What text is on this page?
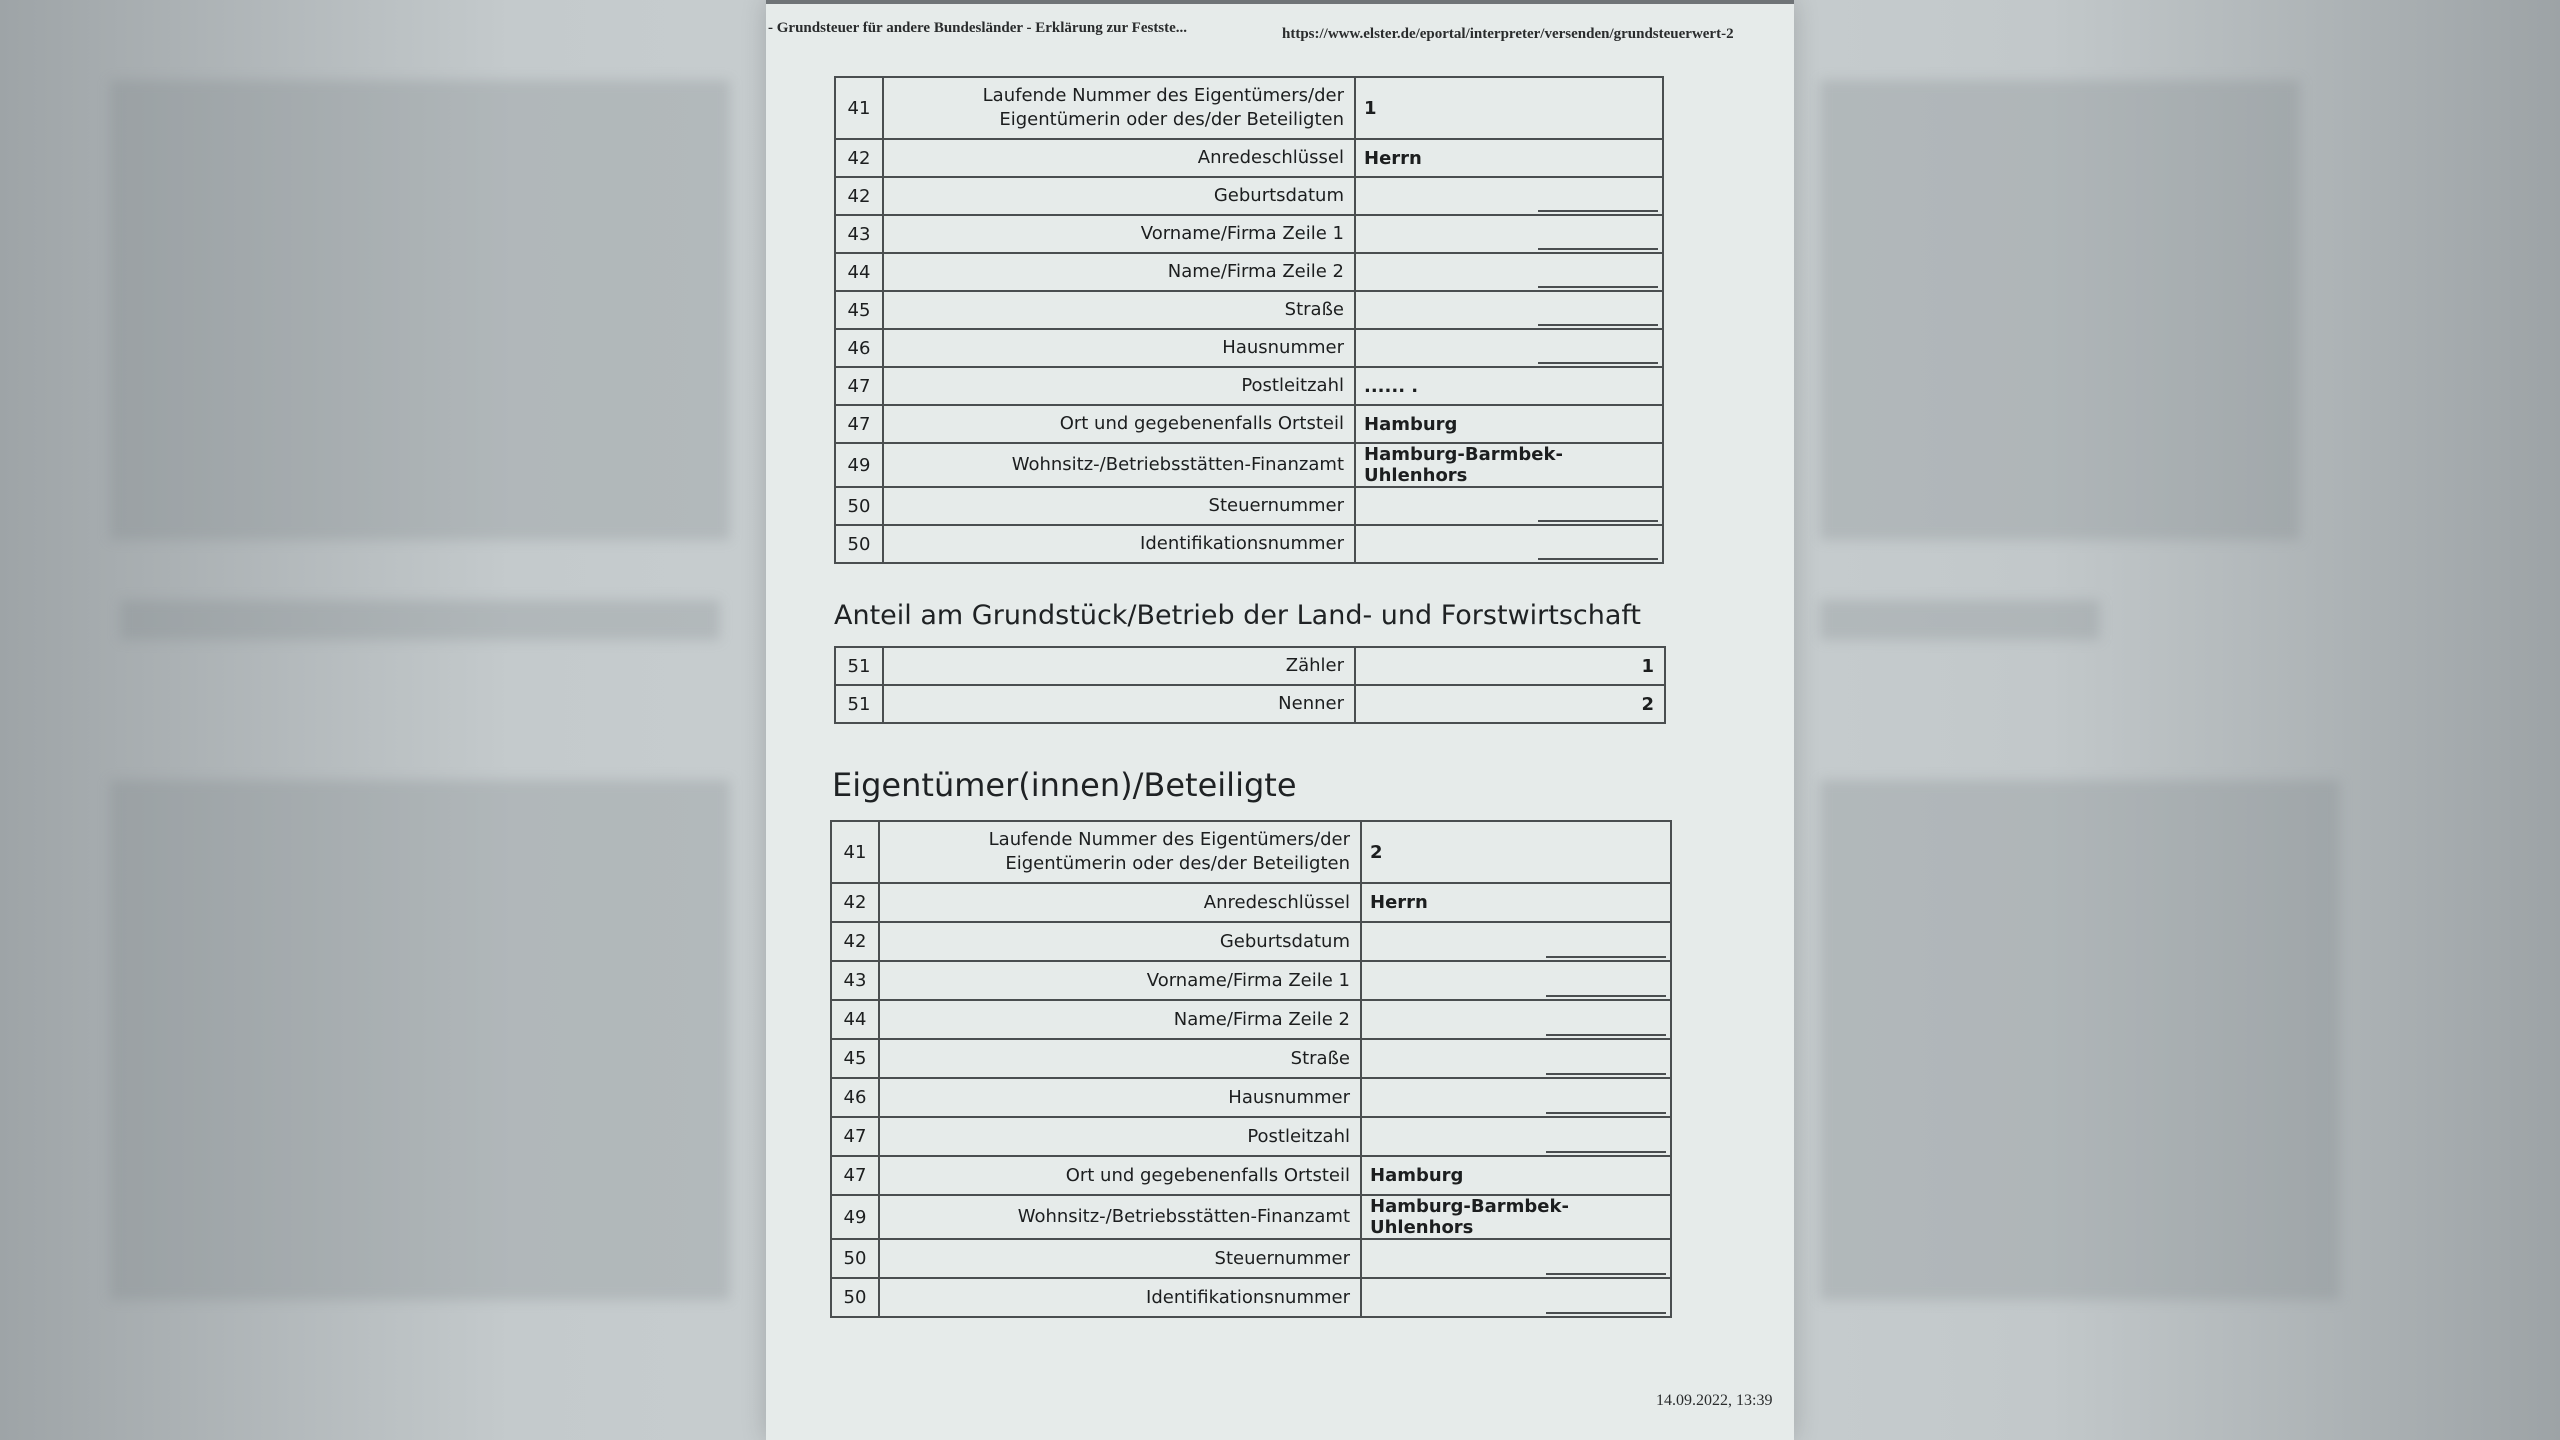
- Grundsteuer für andere Bundesländer - Erklärung zur Festste...	https://www.elster.de/eportal/interpreter/versenden/grundsteuerwert-2
41	Laufende Nummer des Eigentümers/der Eigentümerin oder des/der Beteiligten	1
42	Anredeschlüssel	Herrn
42	Geburtsdatum	

43	Vorname/Firma Zeile 1	

44	Name/Firma Zeile 2	

45	Straße	

46	Hausnummer	

47	Postleitzahl	...... .
47	Ort und gegebenenfalls Ortsteil	Hamburg
49	Wohnsitz-/Betriebsstätten-Finanzamt	Hamburg-Barmbek-Uhlenhors
50	Steuernummer	

50	Identifikationsnummer	
Anteil am Grundstück/Betrieb der Land- und Forstwirtschaft
51	Zähler	1
51	Nenner	2
Eigentümer(innen)/Beteiligte
41	Laufende Nummer des Eigentümers/der Eigentümerin oder des/der Beteiligten	2
42	Anredeschlüssel	Herrn
42	Geburtsdatum	

43	Vorname/Firma Zeile 1	

44	Name/Firma Zeile 2	

45	Straße	

46	Hausnummer	

47	Postleitzahl	

47	Ort und gegebenenfalls Ortsteil	Hamburg
49	Wohnsitz-/Betriebsstätten-Finanzamt	Hamburg-Barmbek-Uhlenhors
50	Steuernummer	

50	Identifikationsnummer	
14.09.2022, 13:39
